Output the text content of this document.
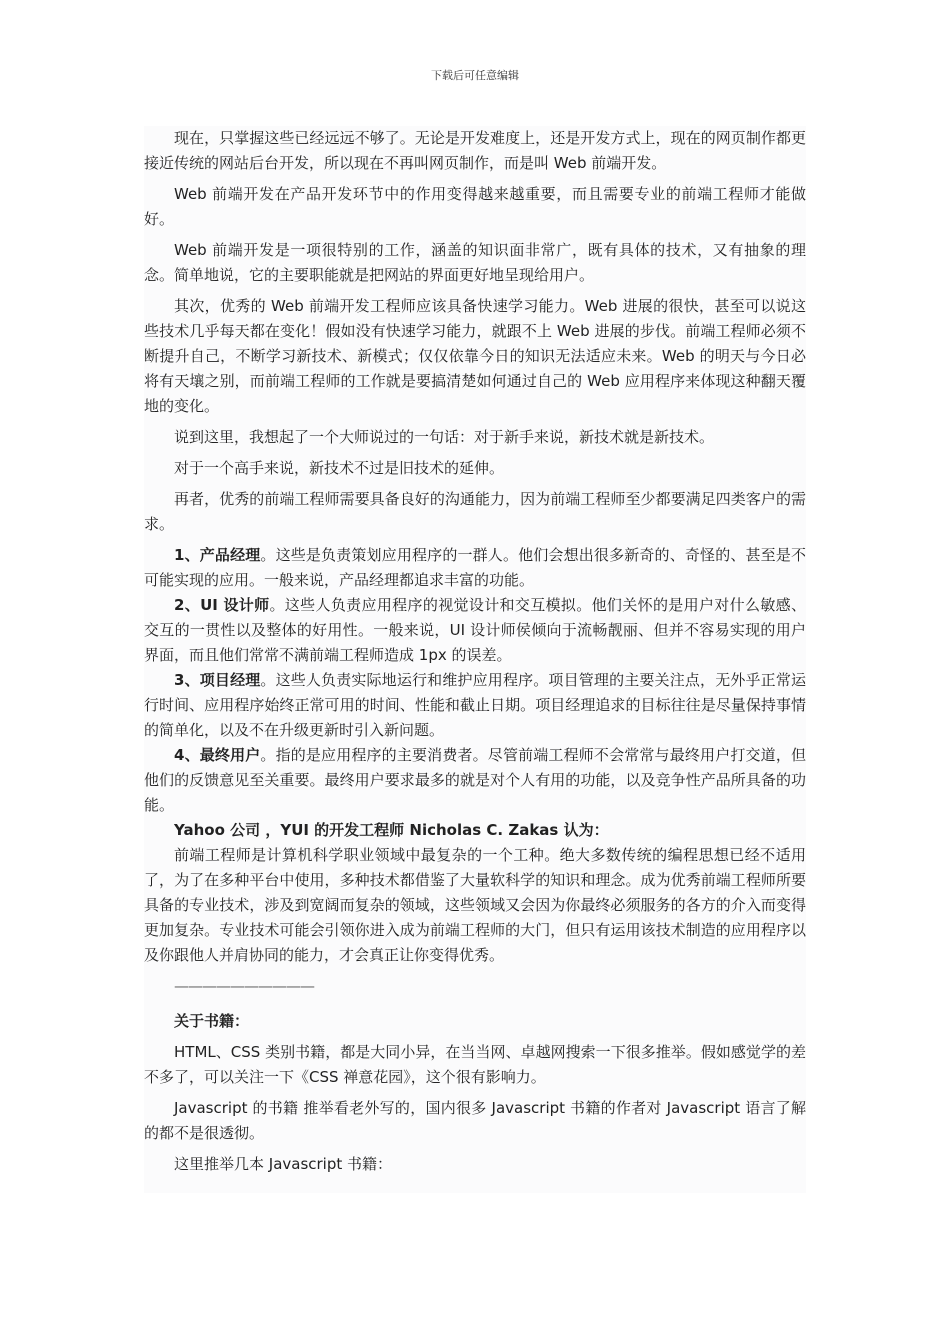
下载后可任意编辑

现在，只掌握这些已经远远不够了。无论是开发难度上，还是开发方式上，现在的网页制作都更接近传统的网站后台开发，所以现在不再叫网页制作，而是叫 Web 前端开发。

Web 前端开发在产品开发环节中的作用变得越来越重要，而且需要专业的前端工程师才能做好。

Web 前端开发是一项很特别的工作，涵盖的知识面非常广，既有具体的技术，又有抽象的理念。简单地说，它的主要职能就是把网站的界面更好地呈现给用户。

其次，优秀的 Web 前端开发工程师应该具备快速学习能力。Web 进展的很快，甚至可以说这些技术几乎每天都在变化！假如没有快速学习能力，就跟不上 Web 进展的步伐。前端工程师必须不断提升自己，不断学习新技术、新模式；仅仅依靠今日的知识无法适应未来。Web 的明天与今日必将有天壤之别，而前端工程师的工作就是要搞清楚如何通过自己的 Web 应用程序来体现这种翻天覆地的变化。

说到这里，我想起了一个大师说过的一句话：对于新手来说，新技术就是新技术。

对于一个高手来说，新技术不过是旧技术的延伸。

再者，优秀的前端工程师需要具备良好的沟通能力，因为前端工程师至少都要满足四类客户的需求。

1、产品经理。这些是负责策划应用程序的一群人。他们会想出很多新奇的、奇怪的、甚至是不可能实现的应用。一般来说，产品经理都追求丰富的功能。

2、UI 设计师。这些人负责应用程序的视觉设计和交互模拟。他们关怀的是用户对什么敏感、交互的一贯性以及整体的好用性。一般来说，UI 设计师侯倾向于流畅靓丽、但并不容易实现的用户界面，而且他们常常不满前端工程师造成 1px 的误差。

3、项目经理。这些人负责实际地运行和维护应用程序。项目管理的主要关注点，无外乎正常运行时间、应用程序始终正常可用的时间、性能和截止日期。项目经理追求的目标往往是尽量保持事情的简单化，以及不在升级更新时引入新问题。

4、最终用户。指的是应用程序的主要消费者。尽管前端工程师不会常常与最终用户打交道，但他们的反馈意见至关重要。最终用户要求最多的就是对个人有用的功能，以及竞争性产品所具备的功能。

Yahoo 公司 ，YUI 的开发工程师 Nicholas C. Zakas 认为：

前端工程师是计算机科学职业领域中最复杂的一个工种。绝大多数传统的编程思想已经不适用了，为了在多种平台中使用，多种技术都借鉴了大量软科学的知识和理念。成为优秀前端工程师所要具备的专业技术，涉及到宽阔而复杂的领域，这些领域又会因为你最终必须服务的各方的介入而变得更加复杂。专业技术可能会引领你进入成为前端工程师的大门，但只有运用该技术制造的应用程序以及你跟他人并肩协同的能力，才会真正让你变得优秀。

——————————

关于书籍：

HTML、CSS 类别书籍，都是大同小异，在当当网、卓越网搜索一下很多推举。假如感觉学的差不多了，可以关注一下《CSS 禅意花园》，这个很有影响力。

Javascript 的书籍 推举看老外写的，国内很多 Javascript 书籍的作者对 Javascript 语言了解的都不是很透彻。

这里推举几本 Javascript 书籍：
